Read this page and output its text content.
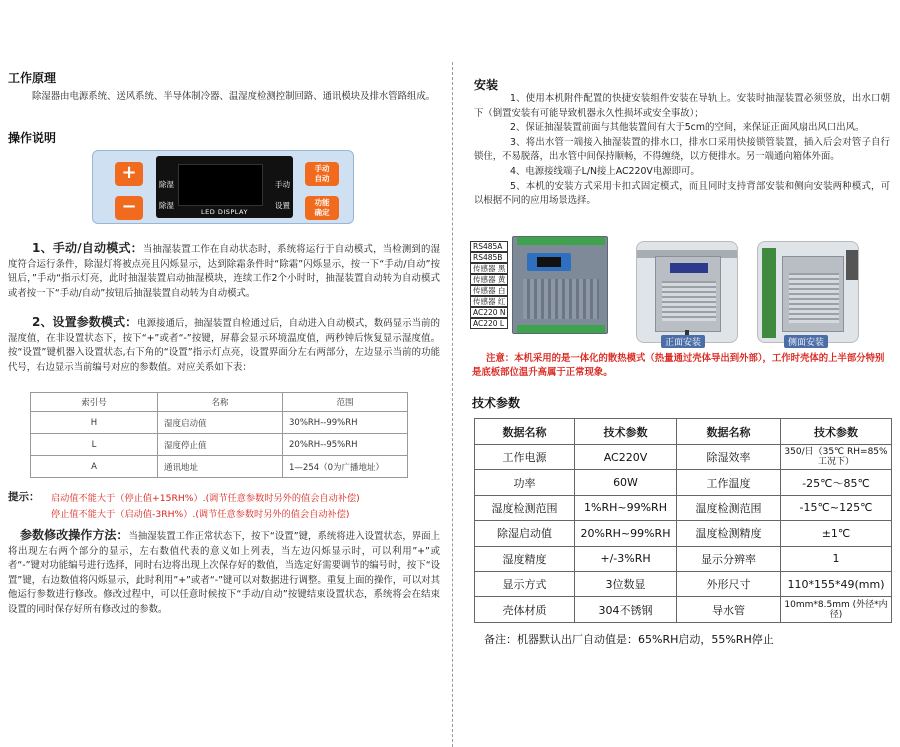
工作原理
除湿器由电源系统、送风系统、半导体制冷器、温湿度检测控制回路、通讯模块及排水管路组成。
操作说明
+
−
除湿
除湿
手动
设置
LED DISPLAY
手动
自动
功能
确定
1、手动/自动模式：当抽湿装置工作在自动状态时，系统将运行于自动模式，当检测到的湿度符合运行条件，除湿灯将被点亮且闪烁显示，达到除霜条件时“除霜”闪烁显示，按一下“手动/自动”按钮后，”手动“指示灯亮，此时抽湿装置启动抽湿模块，连续工作2个小时时，抽湿装置自动转为自动模式或者按一下“手动/自动”按钮后抽湿装置自动转为自动模式。
2、设置参数模式：电源接通后，抽湿装置自检通过后，自动进入自动模式，数码显示当前的湿度值，在非设置状态下，按下“+”或者“-”按键，屏幕会显示环境温度值，两秒钟后恢复显示湿度值。按“设置”键机器入设置状态,右下角的“设置”指示灯点亮，设置界面分左右两部分，左边显示当前的功能代号，右边显示当前编号对应的参数值。对应关系如下表：
索引号	名称	范围
H	湿度启动值	30%RH--99%RH
L	湿度停止值	20%RH--95%RH
A	通讯地址	1—254（0为广播地址）
提示： 启动值不能大于（停止值+15RH%）.(调节任意参数时另外的值会自动补偿)
停止值不能大于（启动值-3RH%）.(调节任意参数时另外的值会自动补偿)
参数修改操作方法：当抽湿装置工作正常状态下，按下“设置”键，系统将进入设置状态，界面上将出现左右两个部分的显示，左右数值代表的意义如上列表，当左边闪烁显示时，可以利用”+”或者“-”键对功能编号进行选择，同时右边将出现上次保存好的数值，当选定好需要调节的编号时，按下“设置”键，右边数值将闪烁显示，此时利用”+”或者“-”键可以对数据进行调整。重复上面的操作，可以对其他运行参数进行修改。修改过程中，可以任意时候按下“手动/自动”按键结束设置状态，系统将会在结束设置的同时保存好所有修改过的参数。
安装
1、使用本机附件配置的快捷安装组件安装在导轨上。安装时抽湿装置必须竖放，出水口朝下（倒置安装有可能导致机器永久性损坏或安全事故）；
2、保证抽湿装置前面与其他装置间有大于5cm的空间，来保证正面风扇出风口出风。
3、将出水管一端接入抽湿装置的排水口，排水口采用快接锁管装置，插入后会对管子自行锁住，不易脱落，出水管中间保持顺畅，不得缠绕，以方便排水。另一端通向箱体外面。
4、电源接线端子L/N接上AC220V电源即可。
5、本机的安装方式采用卡扣式固定模式，而且同时支持背部安装和侧向安装两种模式，可以根据不同的应用场景选择。
RS485A
RS485B
传感器 黑
传感器 黄
传感器 白
传感器 红
AC220 N
AC220 L
正面安装	侧面安装
注意：本机采用的是一体化的散热模式（热量通过壳体导出到外部），工作时壳体的上半部分特别是底板部位温升高属于正常现象。
技术参数
数据名称	技术参数	数据名称	技术参数
工作电源	AC220V	除湿效率	350/日（35℃ RH=85%工况下）
功率	60W	工作温度	-25℃～85℃
湿度检测范围	1%RH~99%RH	温度检测范围	-15℃~125℃
除湿启动值	20%RH~99%RH	温度检测精度	±1℃
湿度精度	+/-3%RH	显示分辨率	1
显示方式	3位数显	外形尺寸	110*155*49(mm)
壳体材质	304不锈钢	导水管	10mm*8.5mm (外径*内径)
备注：机器默认出厂自动值是：65%RH启动，55%RH停止
